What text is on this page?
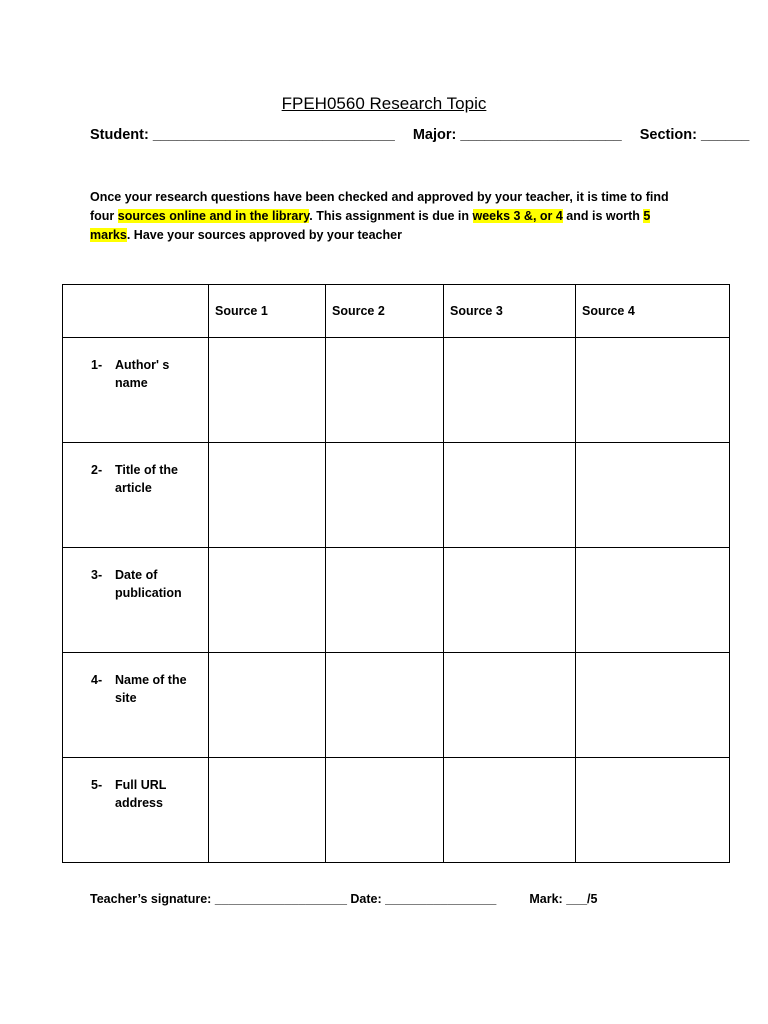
FPEH0560 Research Topic
Student: ______________________________ Major: ____________________ Section: ______
Once your research questions have been checked and approved by your teacher, it is time to find four sources online and in the library. This assignment is due in weeks 3 &, or 4 and is worth 5 marks. Have your sources approved by your teacher
	Source 1	Source 2	Source 3	Source 4

1- Author' s name				

2- Title of the article				

3- Date of publication				

4- Name of the site				

5- Full URL address				

Teacher’s signature: ___________________ Date: ________________	Mark: ___/5
